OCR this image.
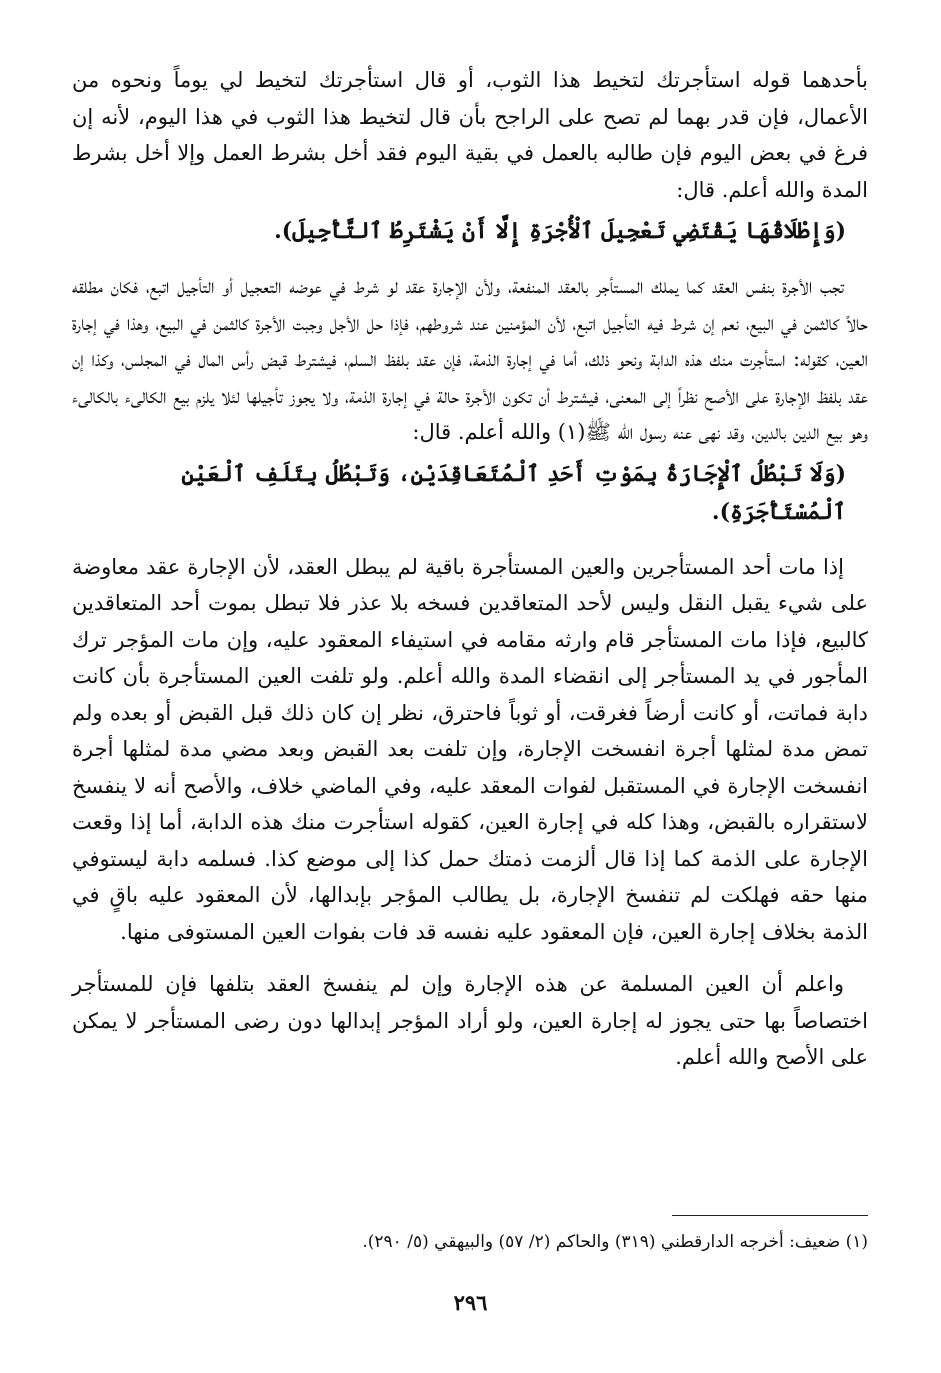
بأحدهما قوله استأجرتك لتخيط هذا الثوب، أو قال استأجرتك لتخيط لي يوماً ونحوه من الأعمال، فإن قدر بهما لم تصح على الراجح بأن قال لتخيط هذا الثوب في هذا اليوم، لأنه إن فرغ في بعض اليوم فإن طالبه بالعمل في بقية اليوم فقد أخل بشرط العمل وإلا أخل بشرط المدة والله أعلم. قال:

(وَإِطْلَاقُهَا يَقْتَضِي تَعْجِيلَ ٱلْأُجْرَةِ إِلَّا أَنْ يَشْتَرِطُ ٱلتَّأْجِيلَ).

تجب الأجرة بنفس العقد كما يملك المستأجر بالعقد المنفعة، ولأن الإجارة عقد لو شرط في عوضه التعجيل أو التأجيل اتبع، فكان مطلقه حالاً كالثمن في البيع، نعم إن شرط فيه التأجيل اتبع، لأن المؤمنين عند شروطهم، فإذا حل الأجل وجبت الأجرة كالثمن في البيع، وهذا في إجارة العين، كقوله: استأجرت منك هذه الدابة ونحو ذلك، أما في إجارة الذمة، فإن عقد بلفظ السلم، فيشترط قبض رأس المال في المجلس، وكذا إن عقد بلفظ الإجارة على الأصح نظراً إلى المعنى، فيشترط أن تكون الأجرة حالة في إجارة الذمة، ولا يجوز تأجيلها لئلا يلزم بيع الكالىء بالكالىء وهو بيع الدين بالدين، وقد نهى عنه رسول الله ﷺ(١) والله أعلم. قال:

(وَلَا تَبْطُلُ ٱلْإِجَارَةُ بِمَوْتِ أَحَدِ ٱلْمُتَعَاقِدَيْنِ، وَتَبْطُلُ بِتَلَفِ ٱلْعَيْنِ ٱلْمُسْتَأْجَرَةِ).

إذا مات أحد المستأجرين والعين المستأجرة باقية لم يبطل العقد، لأن الإجارة عقد معاوضة على شيء يقبل النقل وليس لأحد المتعاقدين فسخه بلا عذر فلا تبطل بموت أحد المتعاقدين كالبيع، فإذا مات المستأجر قام وارثه مقامه في استيفاء المعقود عليه، وإن مات المؤجر ترك المأجور في يد المستأجر إلى انقضاء المدة والله أعلم. ولو تلفت العين المستأجرة بأن كانت دابة فماتت، أو كانت أرضاً فغرقت، أو ثوباً فاحترق، نظر إن كان ذلك قبل القبض أو بعده ولم تمض مدة لمثلها أجرة انفسخت الإجارة، وإن تلفت بعد القبض وبعد مضي مدة لمثلها أجرة انفسخت الإجارة في المستقبل لفوات المعقد عليه، وفي الماضي خلاف، والأصح أنه لا ينفسخ لاستقراره بالقبض، وهذا كله في إجارة العين، كقوله استأجرت منك هذه الدابة، أما إذا وقعت الإجارة على الذمة كما إذا قال ألزمت ذمتك حمل كذا إلى موضع كذا. فسلمه دابة ليستوفي منها حقه فهلكت لم تنفسخ الإجارة، بل يطالب المؤجر بإبدالها، لأن المعقود عليه باقٍ في الذمة بخلاف إجارة العين، فإن المعقود عليه نفسه قد فات بفوات العين المستوفى منها.

واعلم أن العين المسلمة عن هذه الإجارة وإن لم ينفسخ العقد بتلفها فإن للمستأجر اختصاصاً بها حتى يجوز له إجارة العين، ولو أراد المؤجر إبدالها دون رضى المستأجر لا يمكن على الأصح والله أعلم.

(١) ضعيف: أخرجه الدارقطني (٣١٩) والحاكم (٢/ ٥٧) والبيهقي (٥/ ٢٩٠).
٢٩٦
